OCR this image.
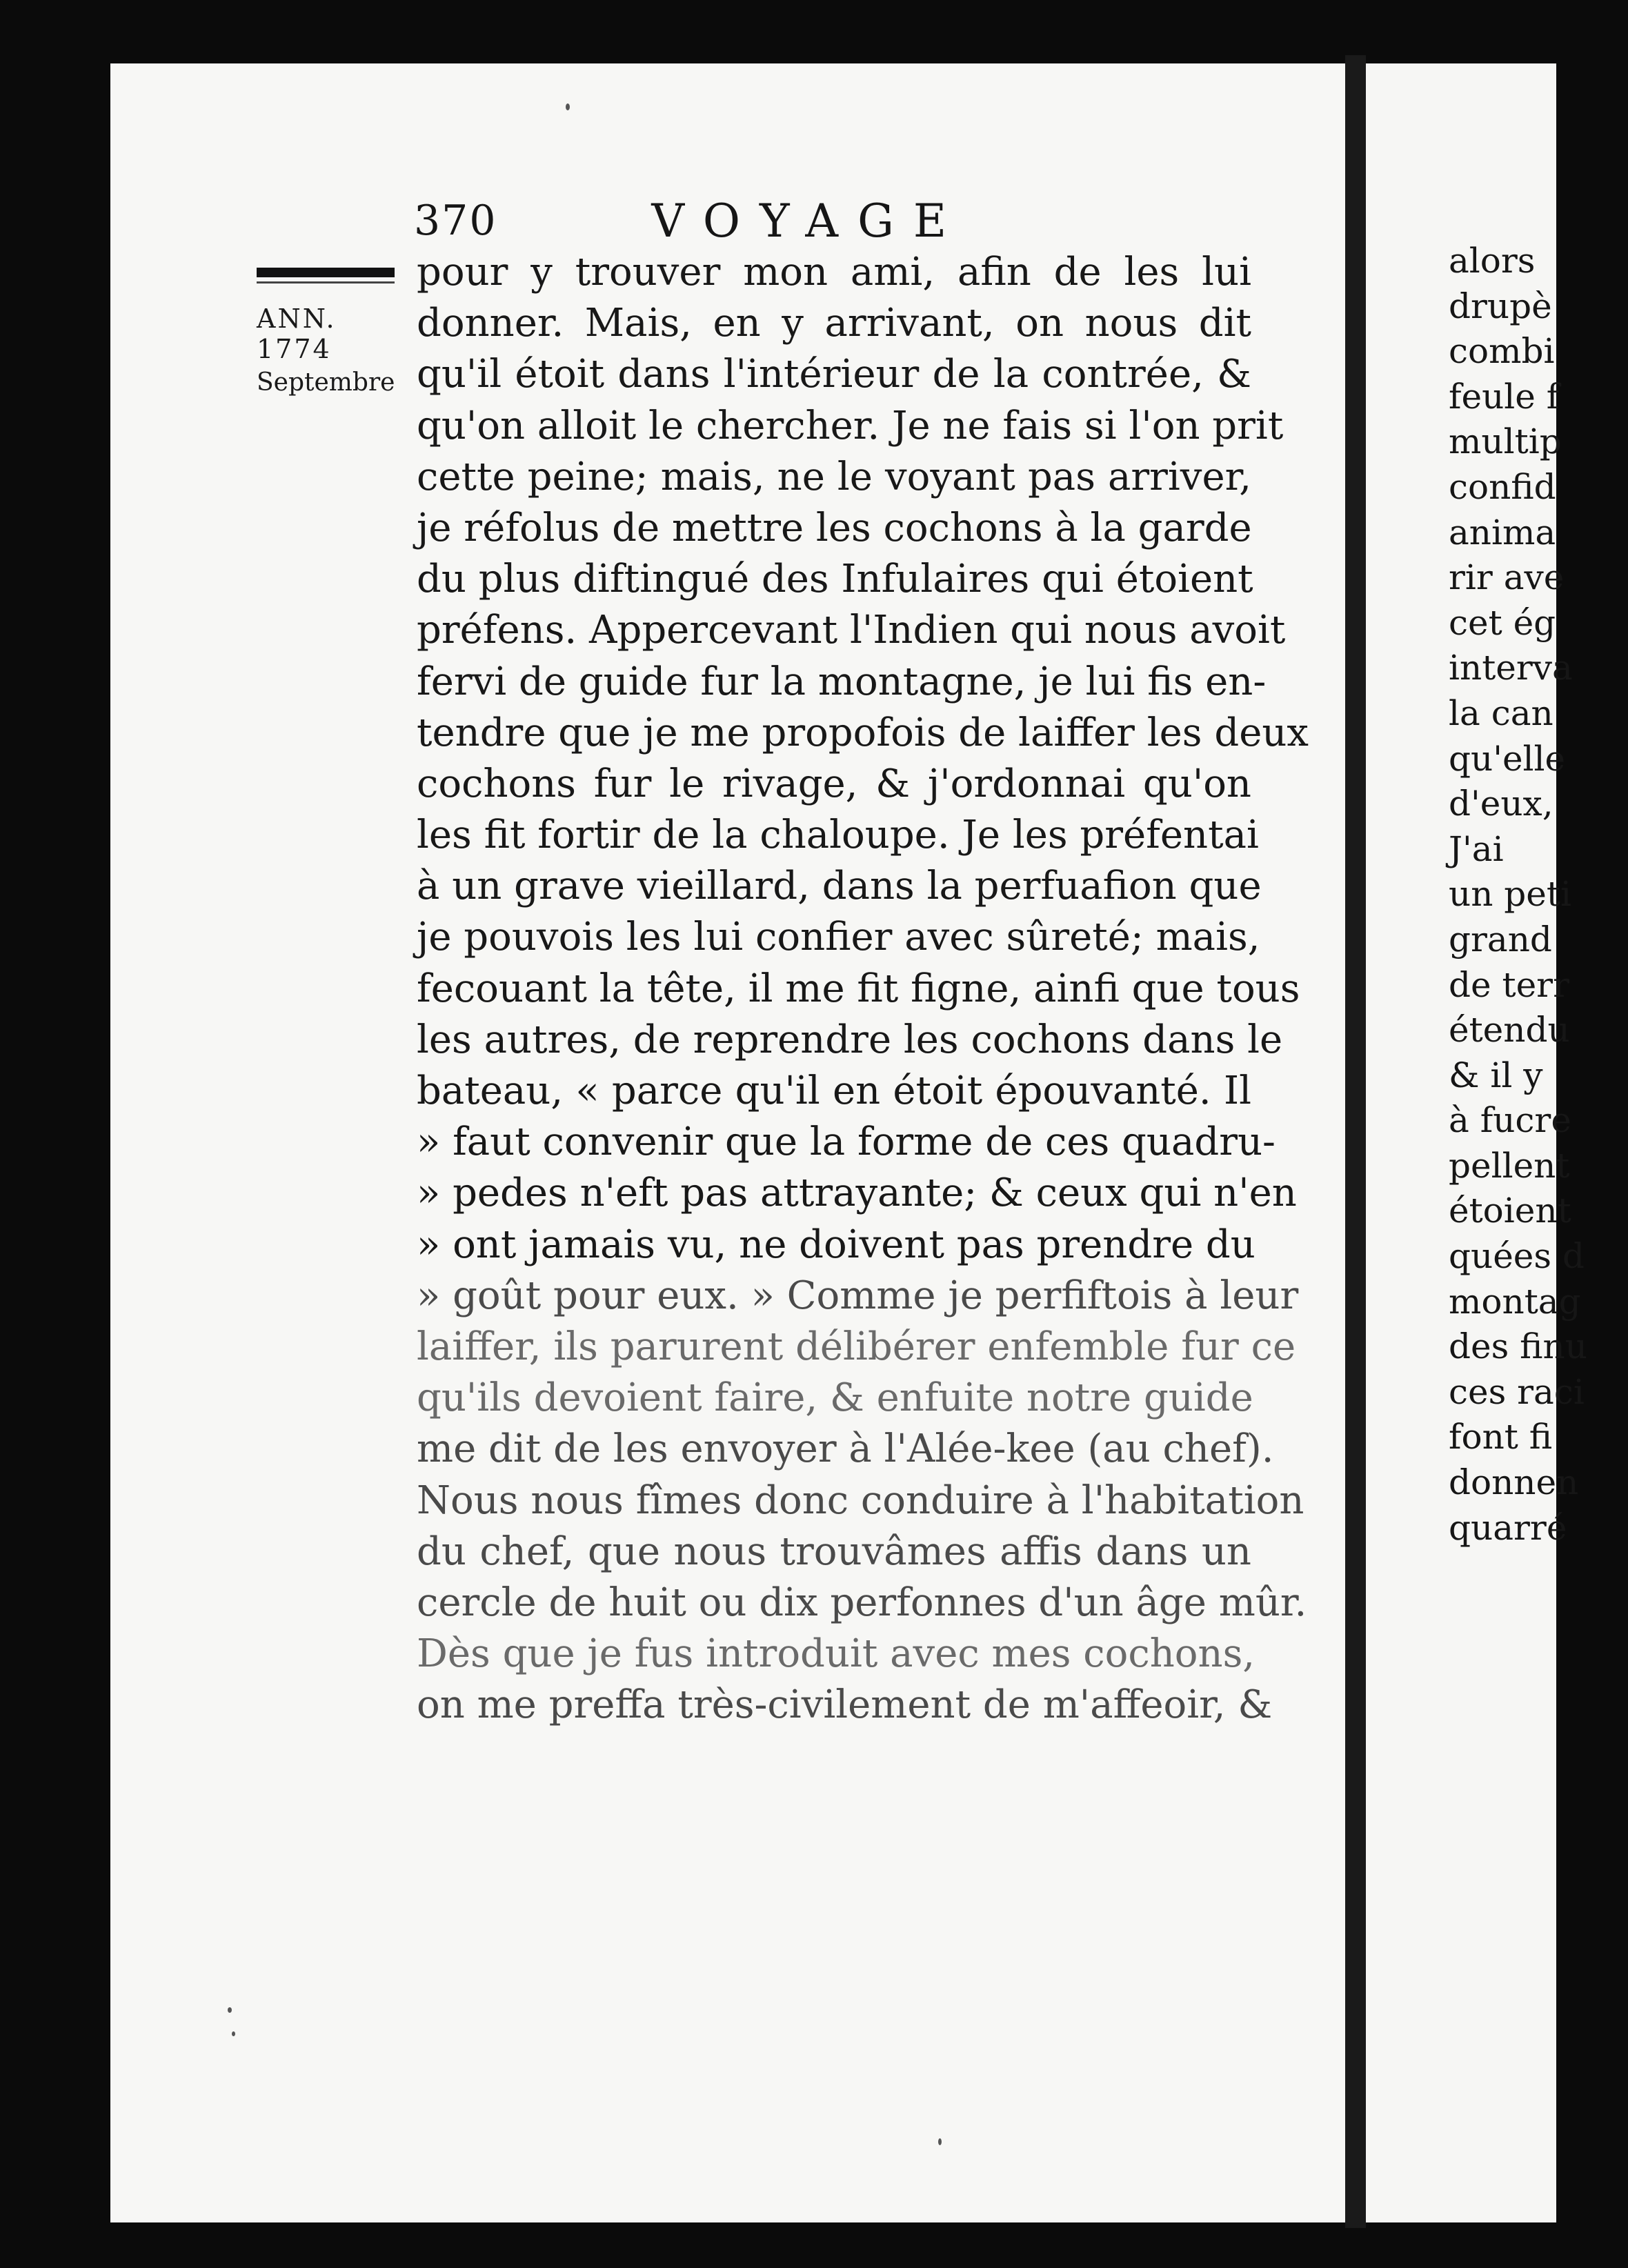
370	VOYAGE
ANN. 1774
Septembre
pour y trouver mon ami, afin de les lui
donner. Mais, en y arrivant, on nous dit
qu'il étoit dans l'intérieur de la contrée, &
qu'on alloit le chercher. Je ne fais si l'on prit
cette peine; mais, ne le voyant pas arriver,
je réfolus de mettre les cochons à la garde
du plus diftingué des Infulaires qui étoient
préfens. Appercevant l'Indien qui nous avoit
fervi de guide fur la montagne, je lui fis en-
tendre que je me propofois de laiffer les deux
cochons fur le rivage, & j'ordonnai qu'on
les fit fortir de la chaloupe. Je les préfentai
à un grave vieillard, dans la perfuafion que
je pouvois les lui confier avec sûreté; mais,
fecouant la tête, il me fit figne, ainfi que tous
les autres, de reprendre les cochons dans le
bateau, « parce qu'il en étoit épouvanté. Il
» faut convenir que la forme de ces quadru-
» pedes n'eft pas attrayante; & ceux qui n'en
» ont jamais vu, ne doivent pas prendre du
» goût pour eux. » Comme je perfiftois à leur
laiffer, ils parurent délibérer enfemble fur ce
qu'ils devoient faire, & enfuite notre guide
me dit de les envoyer à l'Alée-kee (au chef).
Nous nous fîmes donc conduire à l'habitation
du chef, que nous trouvâmes affis dans un
cercle de huit ou dix perfonnes d'un âge mûr.
Dès que je fus introduit avec mes cochons,
on me preffa très-civilement de m'affeoir, &
alors
drupè
combi
feule f
multip
confid
anima
rir ave
cet ég
interva
la can
qu'elle
d'eux,
J'ai
un peti
grand
de terr
étendu
& il y
à fucre
pellent
étoient
quées d
montag
des finu
ces raci
font fi
donnen
quarré
